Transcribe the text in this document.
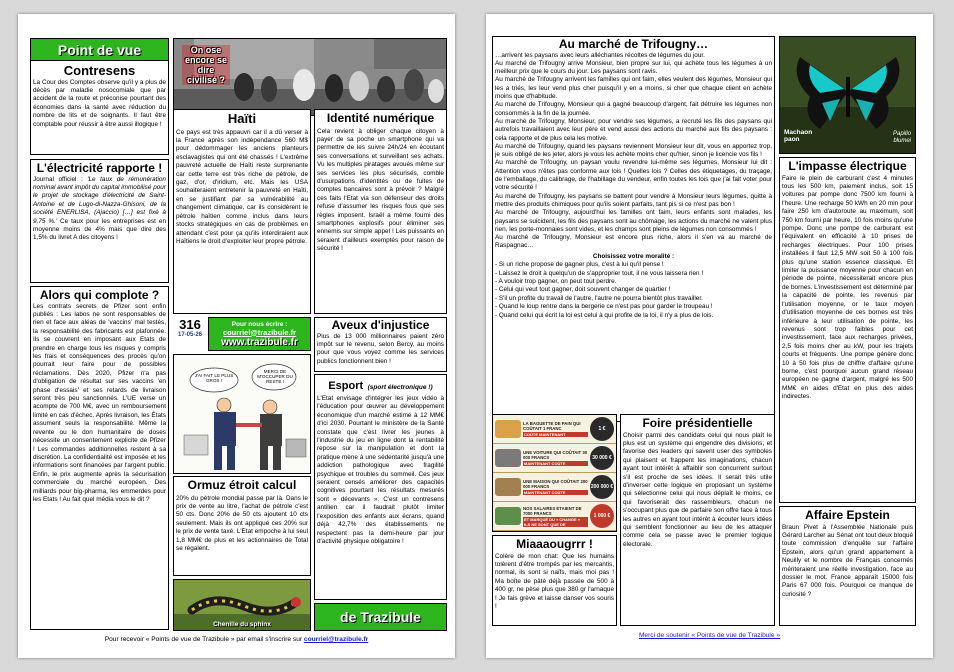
Point de vue
Contresens
La Cour des Comptes observe qu'il y a plus de décès par maladie nosocomiale que par accident de la route et préconise pourtant des économies dans la santé avec réduction du nombre de lits et de soignants. Il faut être comptable pour réussir à être aussi illogique !
On ose encore se dire civilisé ?
L'électricité rapporte !
Journal officiel : 'Le taux de rémunération nominal avant impôt du capital immobilisé pour le projet de stockage d'électricité de Saint-Antoine et de Lugo-di-Nazza-Ghisoni, de la société ENERLISA, (Ajaccio) […] est fixé à 9,75 %.' Ce taux pour les entreprises est en moyenne moins de 4% mais que dire des 1,5% du livret A des citoyens !
Alors qui complote ?
Les contrats secrets de Pfizer sont enfin publiés : Les labos ne sont responsables de rien et face aux aléas de 'vaccins' mal testés, la responsabilité des fabricants est plafonnée. Ils se couvrent en imposant aux Etats de prendre en charge tous les risques y compris les frais et conséquences des procès qu'on pourrait leur faire pour de possibles réclamations. Dès 2020, Pfizer n'a pas d'obligation de résultat sur ses vaccins 'en phase d'essais' et ses retards de livraison seront très peu sanctionnés. L'UE verse un acompte de 700 M€, avec un remboursement limité en cas d'échec. Après livraison, les États assument seuls la responsabilité. Même la revente ou le don humanitaire de doses nécessite un consentement explicite de Pfizer ! Les commandes additionnelles restent à sa discrétion. La confidentialité est imposée et les informations sont financées par l'argent public. Enfin, le prix augmente après la sécurisation commerciale du marché européen. Des milliards pour big-pharma, les emmerdes pour les Etats ! Au fait quel média vous le dit ?
Haïti
Ce pays est très appauvri car il a dû verser à la France après son indépendance 560 M$ pour dédommager les anciens planteurs esclavagistes qui ont été chassés ! L'extrême pauvreté actuelle de Haïti reste surprenante car cette terre est très riche de pétrole, de gaz, d'or, d'iridium, etc. Mais les USA souhaiteraient entretenir la pauvreté en Haïti, en se justifiant par sa vulnérabilité au changement climatique, car ils considèrent le pétrole haïtien comme inclus dans leurs stocks stratégiques en cas de problèmes en attendant c'est pour ça qu'ils interdiraient aux Haïtiens le droit d'exploiter leur propre pétrole.
Identité numérique
Cela revient à obliger chaque citoyen à payer de sa poche un smartphone qui va permettre de les suivre 24h/24 en écoutant ses conversations et surveillant ses achats. Vu les multiples piratages avoués même sur ses services les plus sécurisés, comble d'usurpations d'identités ou de fuites de comptes bancaires sont à prévoir ? Malgré ces faits l'Etat via son défenseur des droits refuse d'assumer les risques fous que ses règles imposent. Israël a même fourni des smartphones explosifs pour éliminer ses ennemis sur simple appel ! Les puissants en seraient d'ailleurs exemptés pour raison de sécurité !
316
17-05-26
Pour nous écrire :
courriel@trazibule.fr
www.trazibule.fr
J'AI FAIT LE PLUS GROS !
MERCI DE M'OCCUPER DU RESTE !
Aveux d'injustice
Plus de 13 000 millionnaires paient zéro impôt sur le revenu, selon Bercy, au moins pour que vous voyez comme les services publics fonctionnent bien !
Esport (sport électronique !)
L'Etat envisage d'intégrer les jeux vidéo à l'éducation pour œuvrer au développement économique d'un marché estimé à 12 MM€ d'ici 2030. Pourtant le ministère de la Santé constate que c'est livrer les jeunes à l'industrie du jeu en ligne dont la rentabilité repose sur la manipulation et dont la pratique mène à une sédentarité jusqu'à une addiction pathologique avec fragilité psychique et troubles du sommeil. Ces jeux seraient censés améliorer des capacités cognitives pourtant les résultats mesurés sont « décevants ». C'est un contresens antilien car il faudrait plutôt limiter l'exposition des enfants aux écrans, quand déjà 42,7% des établissements ne respectent pas la demi-heure par jour d'activité physique obligatoire !
Ormuz étroit calcul
20% du pétrole mondial passe par là. Dans le prix de vente au litre, l'achat de pétrole c'est 50 cts. Donc 20% de 50 cts ajoutent 10 cts seulement. Mais ils ont appliqué ces 20% sur le prix de vente taxé. L'Etat empoche à lui seul 1,8 MM€ de plus et les actionnaires de Total se régalent.
Chenille du sphinx	de Trazibule
Pour recevoir « Points de vue de Trazibule » par email s'inscrire sur courriel@trazibule.fr
Au marché de Trifougny…

…arrivent les paysans avec leurs alléchantes récoltes de légumes du jour.

Au marché de Trifougny arrive Monsieur, bien propre sur lui, qui achète tous les légumes à un meilleur prix que le cours du jour. Les paysans sont ravis.

Au marché de Trifougny arrivent les familles qui ont faim, elles veulent des légumes, Monsieur qui les a triés, les leur vend plus cher puisqu'il y en a moins, si cher que chaque client en achète moins que d'habitude.

Au marché de Trifougny, Monsieur qui a gagné beaucoup d'argent, fait détruire les légumes non consommés à la fin de la journée.

Au marché de Trifougny, Monsieur, pour vendre ses légumes, a recruté les fils des paysans qui autrefois travaillaient avec leur père et vend aussi des actions du marché aux fils des paysans : cela rapporte et de plus cela les motive.

Au marché de Trifougny, quand les paysans reviennent Monsieur leur dit, vous en apportez trop, je suis obligé de les jeter, alors je vous les achète moins cher qu'hier, sinon je licencie vos fils !

Au marché de Trifougny, un paysan voulu revendre lui-même ses légumes, Monsieur lui dit : Attention vous n'êtes pas conforme aux lois ! Quelles lois ? Celles des étiquetages, du traçage, de l'emballage, du calibrage, de l'habillage du vendeur, enfin toutes les lois que j'ai fait voter pour votre sécurité !

Au marché de Trifougny, les paysans se battent pour vendre à Monsieur leurs légumes, quitte à mettre des produits chimiques pour qu'ils soient parfaits, tant pis si ce n'est pas bon !

Au marché de Trifougny, aujourd'hui les familles ont faim, leurs enfants sont malades, les paysans se suicident, les fils des paysans sont au chômage, les actions du marché ne valent plus rien, les porte-monnaies sont vides, et les champs sont pleins de légumes non consommés !

Au marché de Trifougny, Monsieur est encore plus riche, alors il s'en va au marché de Raspagnac…

Choisissez votre moralité :

- Si un riche propose de gagner plus, c'est à lui qu'il pense !

- Laissez le droit à quelqu'un de s'approprier tout, il ne vous laissera rien !

- A vouloir trop gagner, on peut tout perdre.

- Celui qui veut tout gagner, doit souvent changer de quartier !

- S'il un profite du travail de l'autre, l'autre ne pourra bientôt plus travailler.

- Quand le loup rentre dans la bergerie ce n'est pas pour garder le troupeau !

- Quand celui qui écrit la loi est celui à qui profite de la loi, il n'y a plus de lois.

Machaon paon
Papilio blumei
L'impasse électrique
Faire le plein de carburant c'est 4 minutes tous les 500 km, paiement inclus, soit 15 voitures par pompe donc 7500 km fourni à l'heure. Une recharge 50 kWh en 20 min pour faire 250 km d'autoroute au maximum, soit 750 km fourni par heure, 10 fois moins qu'une pompe. Donc une pompe de carburant est l'équivalent en efficacité à 10 prises de recharges électriques. Pour 100 prises installées il faut 12,5 MW soit 50 à 100 fois plus qu'une station essence classique. Et limiter la puissance moyenne pour chacun en période de pointe, nécessiterait encore plus de bornes. L'investissement est déterminé par la capacité de pointe, les revenus par l'utilisation moyenne, or le taux moyen d'utilisation moyenne de ces bornes est très inférieure à leur utilisation de pointe, les revenus sont trop faibles pour cet investissement, face aux recharges privées, 2,5 fois moins cher au kW, pour les trajets courts et fréquents. Une pompe génère donc 10 à 50 fois plus de chiffre d'affaire qu'une borne, c'est pourquoi aucun grand réseau européen ne gagne d'argent, malgré les 500 MM€ en aides d'Etat en plus des aides indirectes.
LA BAGUETTE DE PAIN QUI COÛTAIT 1 FRANC
COÛTE MAINTENANT
1 €
UNE VOITURE QUI COÛTAIT 30 000 FRANCS
MAINTENANT COÛTE
30 000 €
UNE MAISON QUI COÛTAIT 200 000 FRANCS
MAINTENANT COÛTE
200 000 €
NOS SALAIRES ÉTAIENT DE 7000 FRANCS
ET MARQUÉ DU « CHANGE » ILS NE SONT QUE DE
1 000 €
Foire présidentielle
Choisir parmi des candidats celui qui nous plaît le plus est un système qui engendre des divisions, et favorise des leaders qui savent user des symboles qui plaisent et frappent les imaginations, chacun ayant tout intérêt à affaiblir son concurrent surtout s'il est proche de ses idées. Il serait très utile d'inverser cette logique en proposant un système qui sélectionne celui qui nous déplaît le moins, ce qui favoriserait des rassembleurs, chacun ne s'occupant plus que de parfaire son offre face à tous les autres en ayant tout intérêt à écouter leurs idées qui semblent fonctionner au lieu de les attaquer comme cela se passe avec le premier logique électorale.
Miaaaougrrr !
Colère de mon chat: Que les humains tolèrent d'être trompés par les mercantis, normal, ils sont si naïfs, mais moi pas ! Ma boîte de pâté déjà passée de 500 à 400 gr, ne pèse plus que 380 gr l'arnaque ! Je fais grève et laisse danser vos souris !
Affaire Epstein
Braun Pivet à l'Assemblée Nationale puis Gérard Larcher au Sénat ont tout deux bloqué toute commission d'enquête sur l'affaire Epstein, alors qu'un grand appartement à Neuilly et le nombre de Français concernés mériteraient une réelle investigation, face au dossier le mot. France apparaît 15000 fois Paris 67 000 fois. Pourquoi ce manque de curiosité ?
Merci de soutenir « Points de vue de Trazibule »
